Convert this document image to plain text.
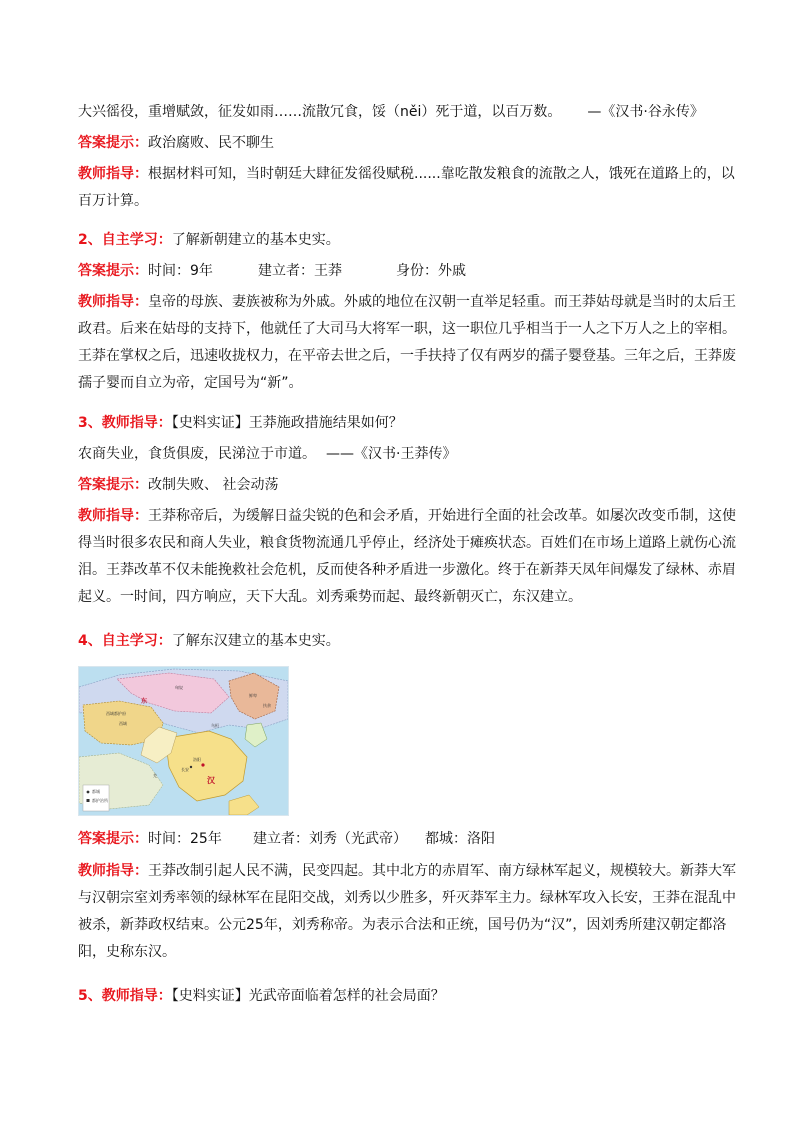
大兴徭役，重增赋敛，征发如雨……流散冗食，馁（něi）死于道，以百万数。 —《汉书·谷永传》
答案提示：政治腐败、民不聊生
教师指导：根据材料可知，当时朝廷大肆征发徭役赋税......靠吃散发粮食的流散之人，饿死在道路上的，以百万计算。
2、自主学习：了解新朝建立的基本史实。
答案提示：时间：9年	建立者：王莽	身份：外戚
教师指导：皇帝的母族、妻族被称为外戚。外戚的地位在汉朝一直举足轻重。而王莽姑母就是当时的太后王政君。后来在姑母的支持下，他就任了大司马大将军一职，这一职位几乎相当于一人之下万人之上的宰相。王莽在掌权之后，迅速收拢权力，在平帝去世之后，一手扶持了仅有两岁的孺子婴登基。三年之后，王莽废孺子婴而自立为帝，定国号为“新”。
3、教师指导：【史料实证】王莽施政措施结果如何？
农商失业，食货俱废，民涕泣于市道。 ——《汉书·王莽传》
答案提示：改制失败、 社会动荡
教师指导：王莽称帝后，为缓解日益尖锐的色和会矛盾，开始进行全面的社会改革。如屡次改变币制，这使得当时很多农民和商人失业，粮食货物流通几乎停止，经济处于瘫痪状态。百姓们在市场上道路上就伤心流泪。王莽改革不仅未能挽救社会危机，反而使各种矛盾进一步激化。终于在新莽天凤年间爆发了绿林、赤眉起义。一时间，四方响应，天下大乱。刘秀乘势而起、最终新朝灭亡，东汉建立。
4、自主学习：了解东汉建立的基本史实。
西域都护府
西域
东
汉
洛阳
长安
匈奴
乌桓
鲜卑
羌
扶余
都城
都护治所
答案提示：时间：25年 建立者：刘秀（光武帝） 都城：洛阳
教师指导：王莽改制引起人民不满，民变四起。其中北方的赤眉军、南方绿林军起义，规模较大。新莽大军与汉朝宗室刘秀率领的绿林军在昆阳交战，刘秀以少胜多，歼灭莽军主力。绿林军攻入长安，王莽在混乱中被杀，新莽政权结束。公元25年，刘秀称帝。为表示合法和正统，国号仍为“汉”，因刘秀所建汉朝定都洛阳，史称东汉。
5、教师指导：【史料实证】光武帝面临着怎样的社会局面？
